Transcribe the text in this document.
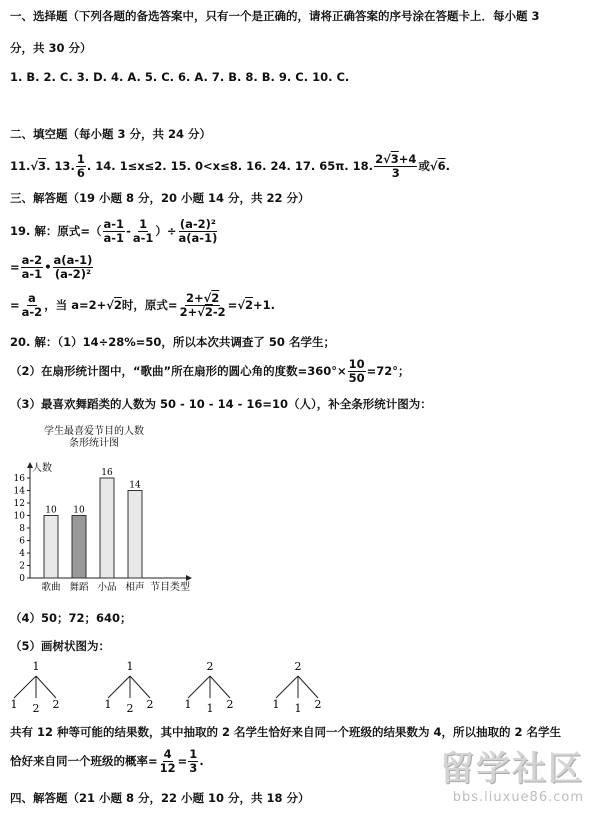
一、选择题（下列各题的备选答案中，只有一个是正确的，请将正确答案的序号涂在答题卡上．每小题 3
分，共 30 分）
1. B. 2. C. 3. D. 4. A. 5. C. 6. A. 7. B. 8. B. 9. C. 10. C.
二、填空题（每小题 3 分，共 24 分）
11. √ 3 . 13. $\frac{1}{6}$ . 14. 1≤x≤2. 15. 0<x≤8. 16. 24. 17. 65π. 18. $\frac{2√3+4}{3}$ 或 √ 6 .
三、解答题（19 小题 8 分，20 小题 14 分，共 22 分）
19. 解：原式=（ $\frac{a-1}{a-1} - \frac{1}{a-1}$ ）÷ $\frac{\text{(a-2)²}}{a(a-1)}$
= $\frac{a-2}{a-1}$ • $\frac{a(a-1)}{\text{(a-2)²}}$
= $\frac{a}{a-2}$ ，当 a=2+ √ 2 时，原式= $\frac{2+√2}{2+√2-2}$ = √ 2 +1.
20. 解：（1）14÷28%=50，所以本次共调查了 50 名学生；
（2）在扇形统计图中，“歌曲”所在扇形的圆心角的度数$=360^\circ\times \frac{10}{50} =72^\circ$；
（3）最喜欢舞蹈类的人数为 50 - 10 - 14 - 16=10（人），补全条形统计图为：
学生最喜爱节目的人数
条形统计图
人数
0
2
4
6
8
10
12
14
16
10
歌曲
10
舞蹈
16
小品
14
相声 节目类型
（4）50；72；640；
（5）画树状图为：
1
1 2 2
1
1 2 2
2
1 1 2
2
1 1 2
共有 12 种等可能的结果数，其中抽取的 2 名学生恰好来自同一个班级的结果数为 4，所以抽取的 2 名学生
恰好来自同一个班级的概率= $\frac{4}{12} = \frac{1}{3}$ .
四、解答题（21 小题 8 分，22 小题 10 分，共 18 分）
留学社区
bbs.liuxue86.com
